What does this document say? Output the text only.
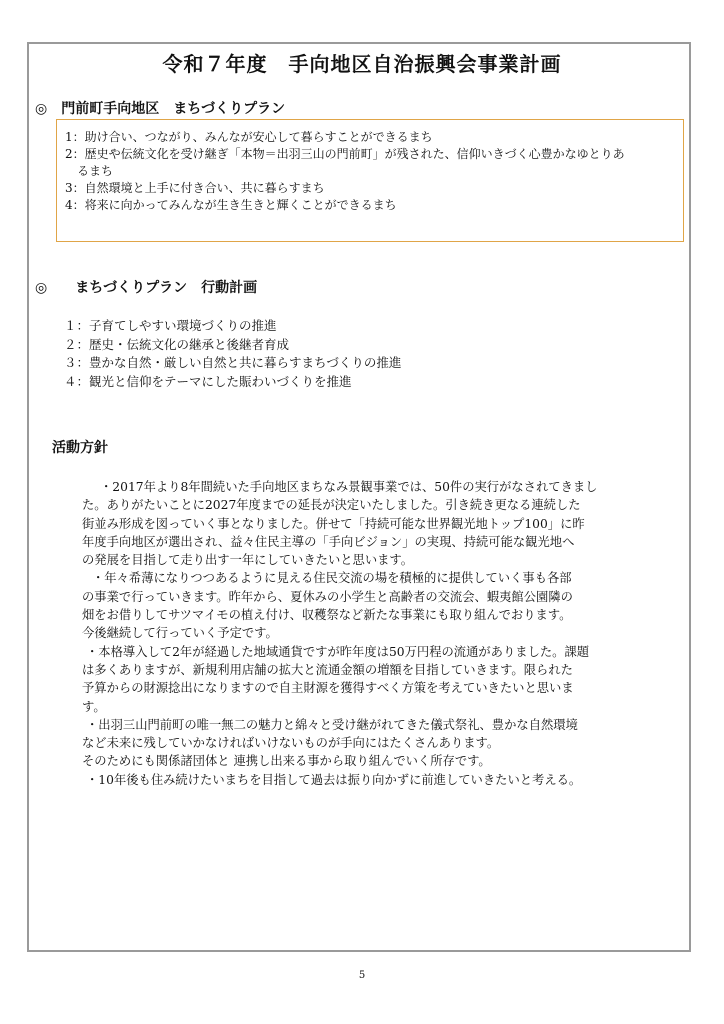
令和７年度　手向地区自治振興会事業計画
◎　門前町手向地区　まちづくりプラン
1：助け合い、つながり、みんなが安心して暮らすことができるまち
2：歴史や伝統文化を受け継ぎ「本物＝出羽三山の門前町」が残された、信仰いきづく心豊かなゆとりあ
るまち
3：自然環境と上手に付き合い、共に暮らすまち
4：将来に向かってみんなが生き生きと輝くことができるまち
◎　　まちづくりプラン　行動計画
１：子育てしやすい環境づくりの推進
２：歴史・伝統文化の継承と後継者育成
３：豊かな自然・厳しい自然と共に暮らすまちづくりの推進
４：観光と信仰をテーマにした賑わいづくりを推進
活動方針
・2017年より8年間続いた手向地区まちなみ景観事業では、50件の実行がなされてきまし
た。ありがたいことに2027年度までの延長が決定いたしました。引き続き更なる連続した
街並み形成を図っていく事となりました。併せて「持続可能な世界観光地トップ100」に昨
年度手向地区が選出され、益々住民主導の「手向ビジョン」の実現、持続可能な観光地へ
の発展を目指して走り出す一年にしていきたいと思います。
・年々希薄になりつつあるように見える住民交流の場を積極的に提供していく事も各部
の事業で行っていきます。昨年から、夏休みの小学生と高齢者の交流会、蝦夷館公園隣の
畑をお借りしてサツマイモの植え付け、収穫祭など新たな事業にも取り組んでおります。
今後継続して行っていく予定です。
・本格導入して2年が経過した地域通貨ですが昨年度は50万円程の流通がありました。課題
は多くありますが、新規利用店舗の拡大と流通金額の増額を目指していきます。限られた
予算からの財源捻出になりますので自主財源を獲得すべく方策を考えていきたいと思いま
す。
・出羽三山門前町の唯一無二の魅力と綿々と受け継がれてきた儀式祭礼、豊かな自然環境
など未来に残していかなければいけないものが手向にはたくさんあります。
そのためにも関係諸団体と 連携し出来る事から取り組んでいく所存です。
・10年後も住み続けたいまちを目指して過去は振り向かずに前進していきたいと考える。
5
